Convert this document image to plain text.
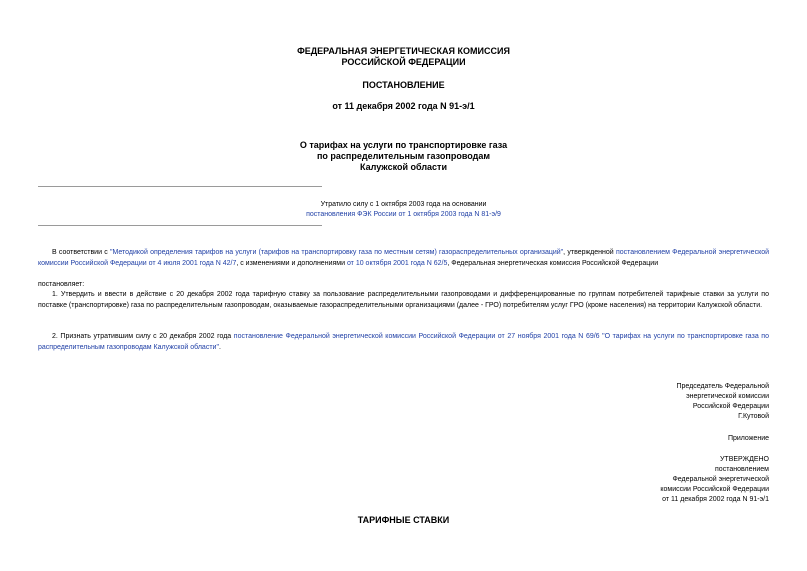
ФЕДЕРАЛЬНАЯ ЭНЕРГЕТИЧЕСКАЯ КОМИССИЯ
РОССИЙСКОЙ ФЕДЕРАЦИИ
ПОСТАНОВЛЕНИЕ
от 11 декабря 2002 года N 91-э/1
О тарифах на услуги по транспортировке газа
по распределительным газопроводам
Калужской области
Утратило силу с 1 октября 2003 года на основании
постановления ФЭК России от 1 октября 2003 года N 81-э/9
В соответствии с "Методикой определения тарифов на услуги (тарифов на транспортировку газа по местным сетям) газораспределительных организаций", утвержденной постановлением Федеральной энергетической комиссии Российской Федерации от 4 июля 2001 года N 42/7, с изменениями и дополнениями от 10 октября 2001 года N 62/5, Федеральная энергетическая комиссия Российской Федерации
постановляет:
1. Утвердить и ввести в действие с 20 декабря 2002 года тарифную ставку за пользование распределительными газопроводами и дифференцированные по группам потребителей тарифные ставки за услуги по поставке (транспортировке) газа по распределительным газопроводам, оказываемые газораспределительными организациями (далее - ГРО) потребителям услуг ГРО (кроме населения) на территории Калужской области.
2. Признать утратившим силу с 20 декабря 2002 года постановление Федеральной энергетической комиссии Российской Федерации от 27 ноября 2001 года N 69/6 "О тарифах на услуги по транспортировке газа по распределительным газопроводам Калужской области".
Председатель Федеральной
энергетической комиссии
Российской Федерации
Г.Кутовой
Приложение
УТВЕРЖДЕНО
постановлением
Федеральной энергетической
комиссии Российской Федерации
от 11 декабря 2002 года N 91-э/1
ТАРИФНЫЕ СТАВКИ
